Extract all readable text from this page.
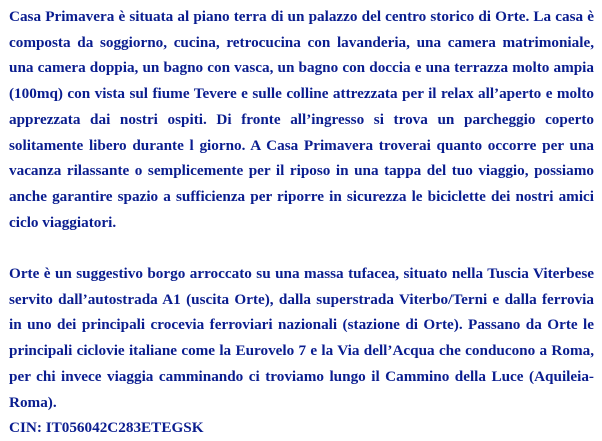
Casa Primavera è situata al piano terra di un palazzo del centro storico di Orte. La casa è composta da soggiorno, cucina, retrocucina con lavanderia, una camera matrimoniale, una camera doppia, un bagno con vasca, un bagno con doccia e una terrazza molto ampia (100mq) con vista sul fiume Tevere e sulle colline attrezzata per il relax all’aperto e molto apprezzata dai nostri ospiti. Di fronte all’ingresso si trova un parcheggio coperto solitamente libero durante l giorno. A Casa Primavera troverai quanto occorre per una vacanza rilassante o semplicemente per il riposo in una tappa del tuo viaggio, possiamo anche garantire spazio a sufficienza per riporre in sicurezza le biciclette dei nostri amici ciclo viaggiatori.

Orte è un suggestivo borgo arroccato su una massa tufacea, situato nella Tuscia Viterbese servito dall’autostrada A1 (uscita Orte), dalla superstrada Viterbo/Terni e dalla ferrovia in uno dei principali crocevia ferroviari nazionali (stazione di Orte). Passano da Orte le principali ciclovie italiane come la Eurovelo 7 e la Via dell’Acqua che conducono a Roma, per chi invece viaggia camminando ci troviamo lungo il Cammino della Luce (Aquileia-Roma).

CIN: IT056042C283ETEGSK
